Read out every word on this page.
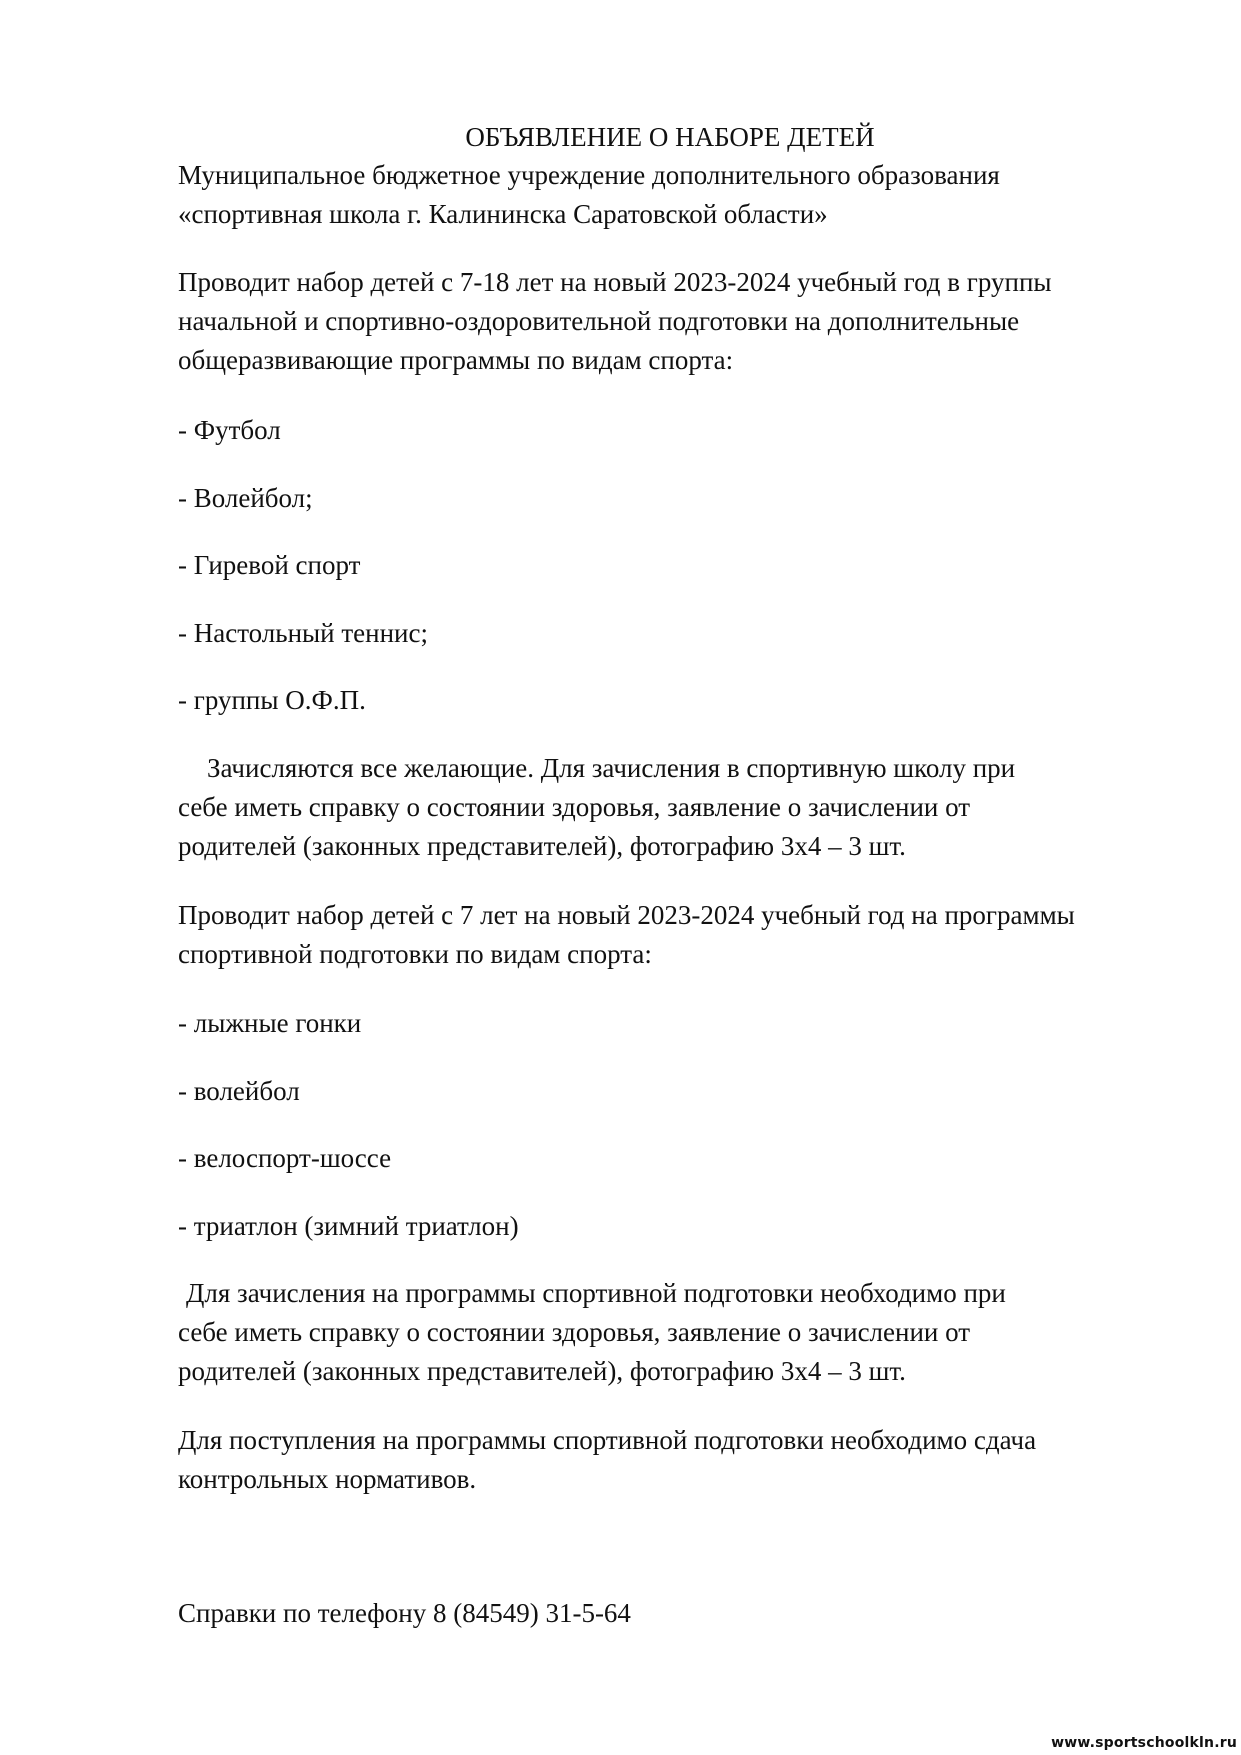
ОБЪЯВЛЕНИЕ О НАБОРЕ ДЕТЕЙ
Муниципальное бюджетное учреждение дополнительного образования
«спортивная школа г. Калининска Саратовской области»
Проводит набор детей с 7-18 лет на новый 2023-2024 учебный год в группы
начальной и спортивно-оздоровительной подготовки на дополнительные
общеразвивающие программы по видам спорта:
- Футбол
- Волейбол;
- Гиревой спорт
- Настольный теннис;
- группы О.Ф.П.
Зачисляются все желающие. Для зачисления в спортивную школу при
себе иметь справку о состоянии здоровья, заявление о зачислении от
родителей (законных представителей), фотографию 3х4 – 3 шт.
Проводит набор детей с 7 лет на новый 2023-2024 учебный год на программы
спортивной подготовки по видам спорта:
- лыжные гонки
- волейбол
- велоспорт-шоссе
- триатлон (зимний триатлон)
Для зачисления на программы спортивной подготовки необходимо при
себе иметь справку о состоянии здоровья, заявление о зачислении от
родителей (законных представителей), фотографию 3х4 – 3 шт.
Для поступления на программы спортивной подготовки необходимо сдача
контрольных нормативов.
Справки по телефону 8 (84549) 31-5-64
www.sportschoolkln.ru
